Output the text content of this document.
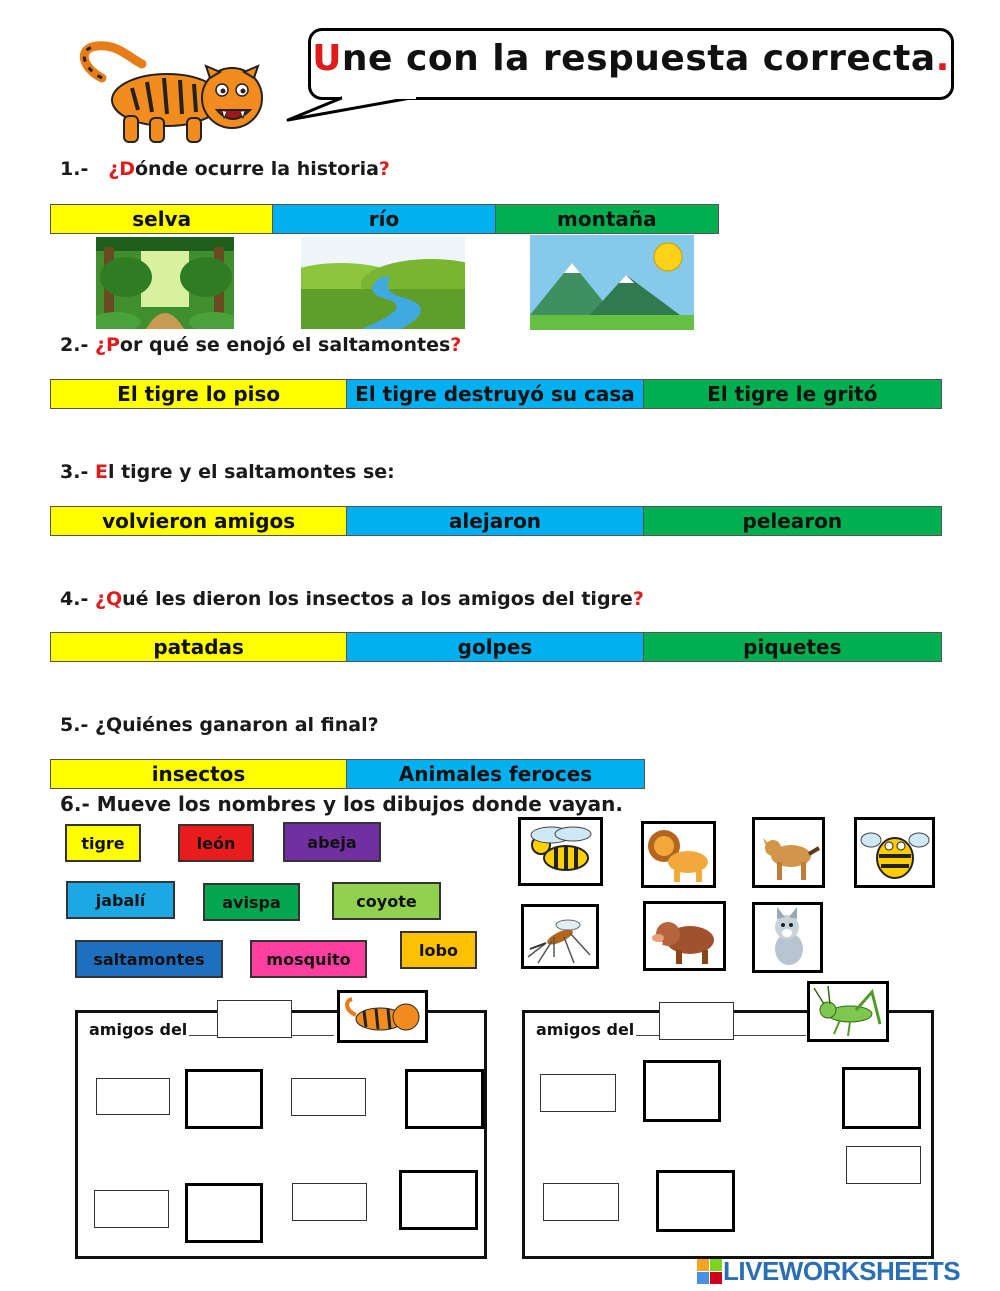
Une con la respuesta correcta.
1.- ¿Dónde ocurre la historia?
selva	río	montaña
2.- ¿Por qué se enojó el saltamontes?
El tigre lo piso	El tigre destruyó su casa	El tigre le gritó
3.- El tigre y el saltamontes se:
volvieron amigos	alejaron	pelearon
4.- ¿Qué les dieron los insectos a los amigos del tigre?
patadas	golpes	piquetes
5.- ¿Quiénes ganaron al final?
insectos	Animales feroces
6.- Mueve los nombres y los dibujos donde vayan.
tigre	león	abeja
jabalí	avispa	coyote
saltamontes	mosquito	lobo
amigos del	amigos del
LIVEWORKSHEETS
